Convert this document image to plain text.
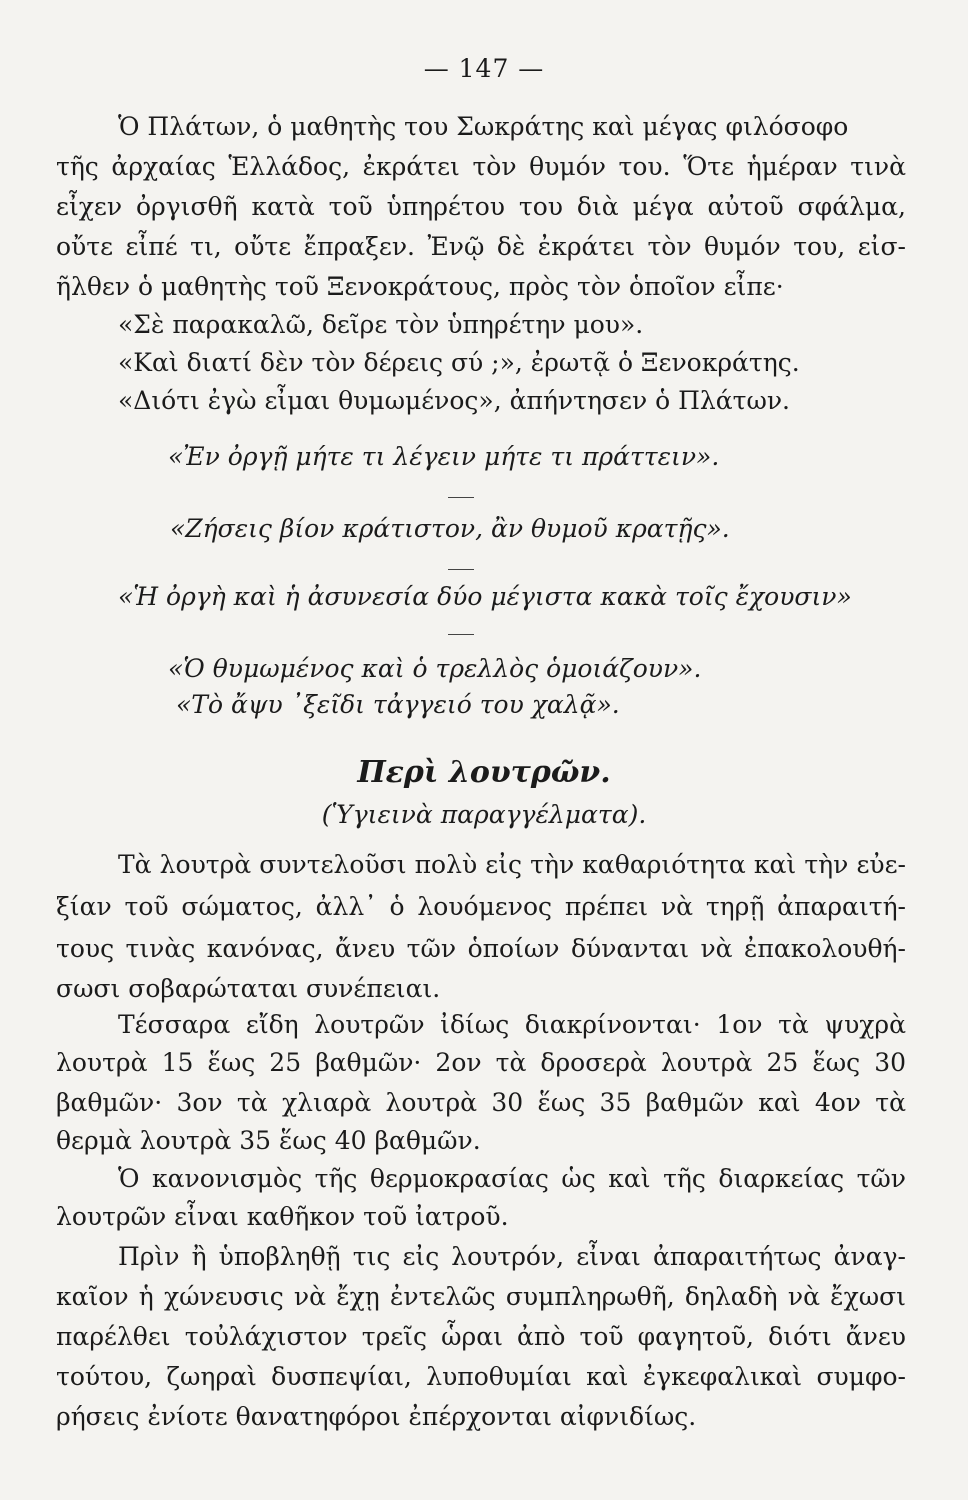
— 147 —
Ὁ Πλάτων, ὁ μαθητὴς του Σωκράτης καὶ μέγας φιλόσοφο
τῆς ἀρχαίας Ἑλλάδος, ἐκράτει τὸν θυμόν του. Ὅτε ἡμέραν τινὰ
εἶχεν ὀργισθῆ κατὰ τοῦ ὑπηρέτου του διὰ μέγα αὐτοῦ σφάλμα,
οὔτε εἶπέ τι, οὔτε ἔπραξεν. Ἐνῷ δὲ ἐκράτει τὸν θυμόν του, εἰσ-
ῆλθεν ὁ μαθητὴς τοῦ Ξενοκράτους, πρὸς τὸν ὁποῖον εἶπε·
«Σὲ παρακαλῶ, δεῖρε τὸν ὑπηρέτην μου».
«Καὶ διατί δὲν τὸν δέρεις σύ ;», ἐρωτᾷ ὁ Ξενοκράτης.
«Διότι ἐγὼ εἶμαι θυμωμένος», ἀπήντησεν ὁ Πλάτων.
«Ἐν ὀργῇ μήτε τι λέγειν μήτε τι πράττειν».
«Ζήσεις βίον κράτιστον, ἂν θυμοῦ κρατῇς».
«Ἡ ὀργὴ καὶ ἡ ἀσυνεσία δύο μέγιστα κακὰ τοῖς ἔχουσιν»
«Ὁ θυμωμένος καὶ ὁ τρελλὸς ὁμοιάζουν».
«Τὸ ἄψυ ᾽ξεῖδι τἀγγειό του χαλᾷ».
Περὶ λουτρῶν.
(Ὑγιεινὰ παραγγέλματα).
Τὰ λουτρὰ συντελοῦσι πολὺ εἰς τὴν καθαριότητα καὶ τὴν εὐε-
ξίαν τοῦ σώματος, ἀλλ᾽ ὁ λουόμενος πρέπει νὰ τηρῇ ἀπαραιτή-
τους τινὰς κανόνας, ἄνευ τῶν ὁποίων δύνανται νὰ ἐπακολουθή-
σωσι σοβαρώταται συνέπειαι.
Τέσσαρα εἴδη λουτρῶν ἰδίως διακρίνονται· 1ον τὰ ψυχρὰ
λουτρὰ 15 ἕως 25 βαθμῶν· 2ον τὰ δροσερὰ λουτρὰ 25 ἕως 30
βαθμῶν· 3ον τὰ χλιαρὰ λουτρὰ 30 ἕως 35 βαθμῶν καὶ 4ον τὰ
θερμὰ λουτρὰ 35 ἕως 40 βαθμῶν.
Ὁ κανονισμὸς τῆς θερμοκρασίας ὡς καὶ τῆς διαρκείας τῶν
λουτρῶν εἶναι καθῆκον τοῦ ἰατροῦ.
Πρὶν ἢ ὑποβληθῇ τις εἰς λουτρόν, εἶναι ἀπαραιτήτως ἀναγ-
καῖον ἡ χώνευσις νὰ ἔχῃ ἐντελῶς συμπληρωθῆ, δηλαδὴ νὰ ἔχωσι
παρέλθει τοὐλάχιστον τρεῖς ὧραι ἀπὸ τοῦ φαγητοῦ, διότι ἄνευ
τούτου, ζωηραὶ δυσπεψίαι, λυποθυμίαι καὶ ἐγκεφαλικαὶ συμφο-
ρήσεις ἐνίοτε θανατηφόροι ἐπέρχονται αἰφνιδίως.
